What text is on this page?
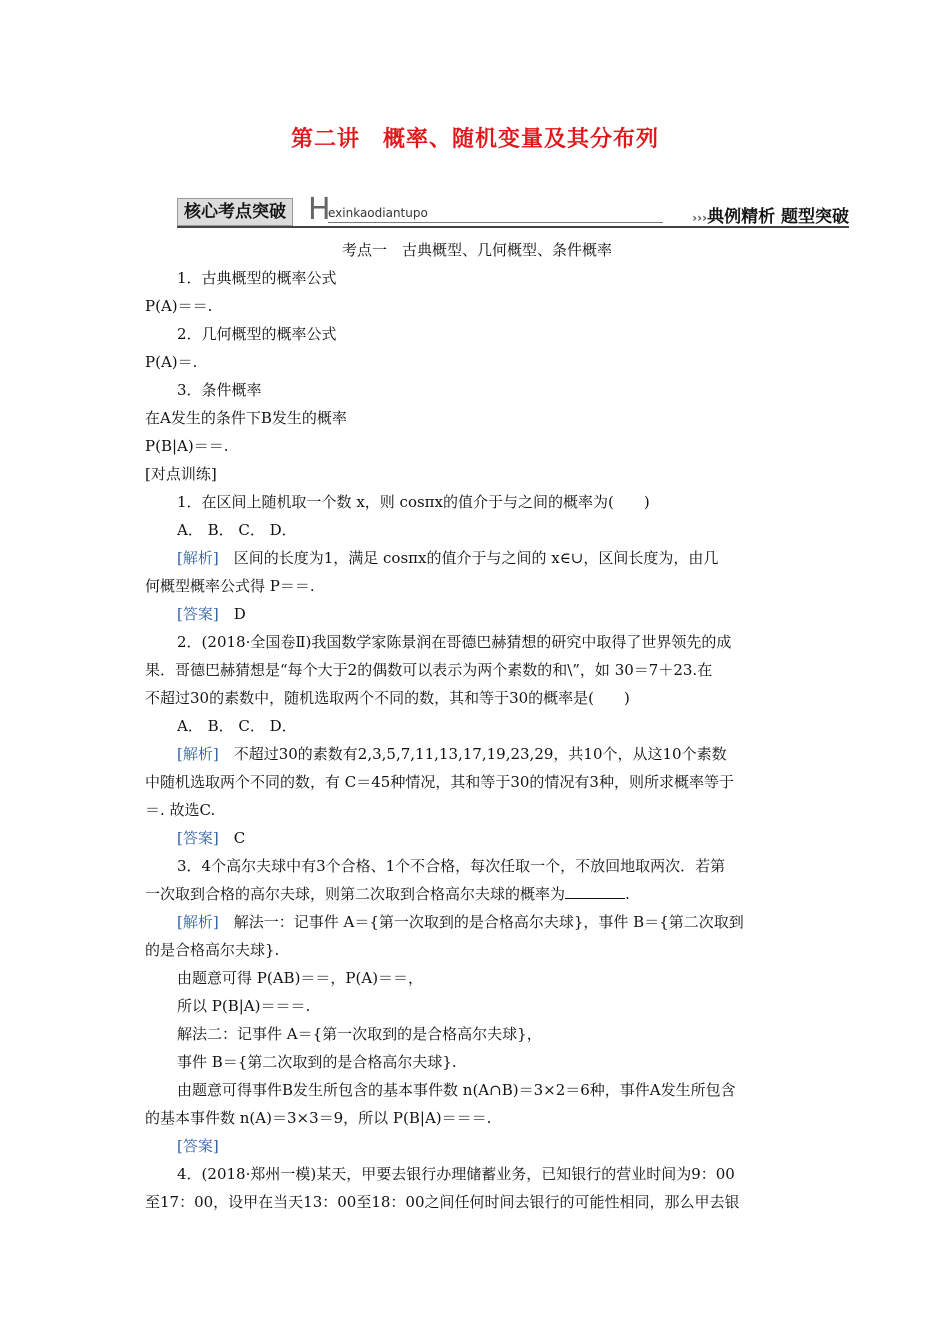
第二讲　概率、随机变量及其分布列
核心考点突破 H
exinkaodiantupo	›››典例精析 题型突破

考点一　古典概型、几何概型、条件概率

1．古典概型的概率公式

P(A)＝＝.

2．几何概型的概率公式

P(A)＝.

3．条件概率

在A发生的条件下B发生的概率

P(B|A)＝＝.

[对点训练]

1．在区间上随机取一个数 x，则 cosπx的值介于与之间的概率为(　　)

A． B． C． D．

[解析]　区间的长度为1，满足 cosπx的值介于与之间的 x∈∪，区间长度为，由几

何概型概率公式得 P＝＝.

[答案]　D

2．(2018·全国卷Ⅱ)我国数学家陈景润在哥德巴赫猜想的研究中取得了世界领先的成

果．哥德巴赫猜想是“每个大于2的偶数可以表示为两个素数的和\”，如 30＝7＋23.在

不超过30的素数中，随机选取两个不同的数，其和等于30的概率是(　　)

A． B． C． D．

[解析]　不超过30的素数有2,3,5,7,11,13,17,19,23,29，共10个，从这10个素数

中随机选取两个不同的数，有 C＝45种情况，其和等于30的情况有3种，则所求概率等于

＝. 故选C.

[答案]　C

3．4个高尔夫球中有3个合格、1个不合格，每次任取一个，不放回地取两次．若第

一次取到合格的高尔夫球，则第二次取到合格高尔夫球的概率为	.

[解析]　解法一：记事件 A＝{第一次取到的是合格高尔夫球}，事件 B＝{第二次取到

的是合格高尔夫球}.

由题意可得 P(AB)＝＝，P(A)＝＝，

所以 P(B|A)＝＝＝.

解法二：记事件 A＝{第一次取到的是合格高尔夫球}，

事件 B＝{第二次取到的是合格高尔夫球}.

由题意可得事件B发生所包含的基本事件数 n(A∩B)＝3×2＝6种，事件A发生所包含

的基本事件数 n(A)＝3×3＝9，所以 P(B|A)＝＝＝.

[答案]

4．(2018·郑州一模)某天，甲要去银行办理储蓄业务，已知银行的营业时间为9：00

至17：00，设甲在当天13：00至18：00之间任何时间去银行的可能性相同，那么甲去银
